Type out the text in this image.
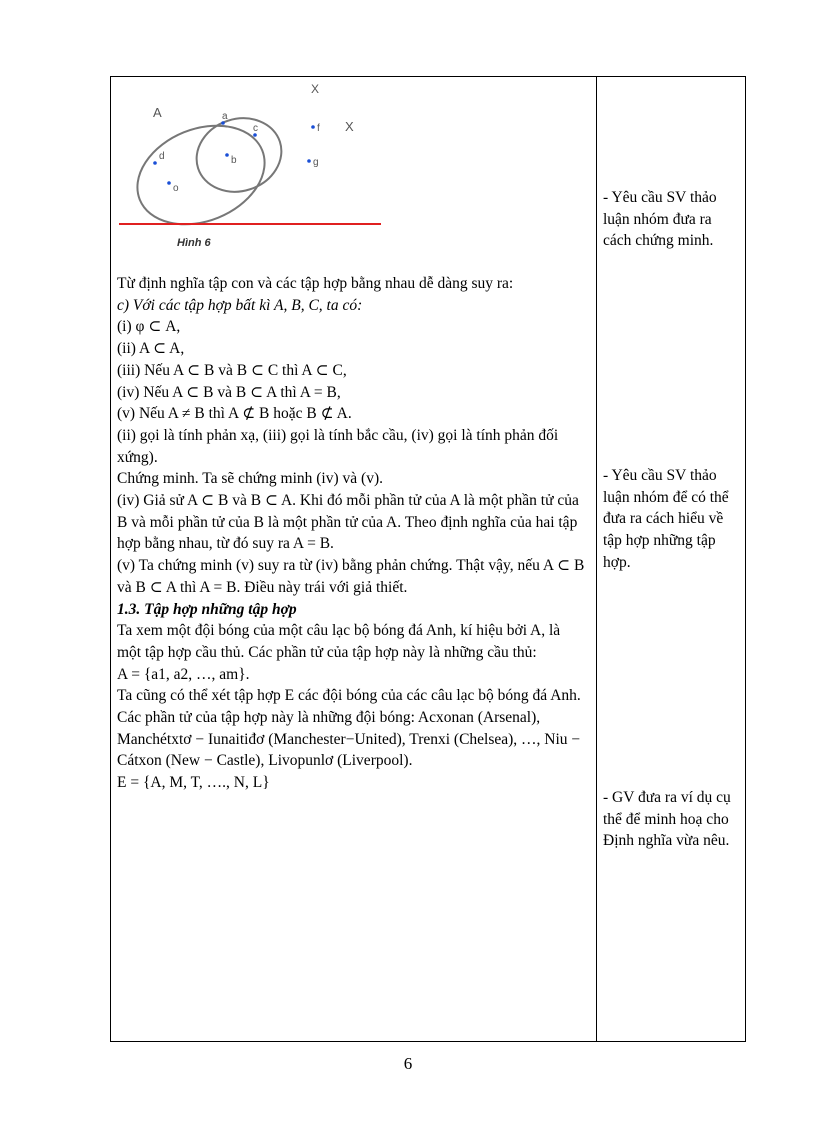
A
X
X
a
c
d	b
o
f
g
Hình 6

Từ định nghĩa tập con và các tập hợp bằng nhau dễ dàng suy ra:

c) Với các tập hợp bất kì A, B, C, ta có:

(i) φ ⊂ A,

(ii) A ⊂ A,

(iii) Nếu A ⊂ B và B ⊂ C thì A ⊂ C,

(iv) Nếu A ⊂ B và B ⊂ A thì A = B,

(v) Nếu A ≠ B thì A ⊄ B hoặc B ⊄ A.

(ii) gọi là tính phản xạ, (iii) gọi là tính bắc cầu, (iv) gọi là tính phản đối xứng).

Chứng minh. Ta sẽ chứng minh (iv) và (v).

(iv) Giả sử A ⊂ B và B ⊂ A. Khi đó mỗi phần tử của A là một phần tử của B và mỗi phần tử của B là một phần tử của A. Theo định nghĩa của hai tập hợp bằng nhau, từ đó suy ra A = B.

(v) Ta chứng minh (v) suy ra từ (iv) bằng phản chứng. Thật vậy, nếu A ⊂ B và B ⊂ A thì A = B. Điều này trái với giả thiết.

1.3. Tập hợp những tập hợp

Ta xem một đội bóng của một câu lạc bộ bóng đá Anh, kí hiệu bởi A, là

một tập hợp cầu thủ. Các phần tử của tập hợp này là những cầu thủ:

A = {a1, a2, …, am}.

Ta cũng có thể xét tập hợp E các đội bóng của các câu lạc bộ bóng đá Anh.

Các phần tử của tập hợp này là những đội bóng: Acxonan (Arsenal),

Manchétxtơ − Iunaitiđơ (Manchester−United), Trenxi (Chelsea), …, Niu −

Cátxon (New − Castle), Livopunlơ (Liverpool).

E = {A, M, T, …., N, L}

- Yêu cầu SV thảo luận nhóm đưa ra cách chứng minh.

- Yêu cầu SV thảo luận nhóm để có thể đưa ra cách hiểu về tập hợp những tập hợp.

- GV đưa ra ví dụ cụ thể để minh hoạ cho Định nghĩa vừa nêu.

6
